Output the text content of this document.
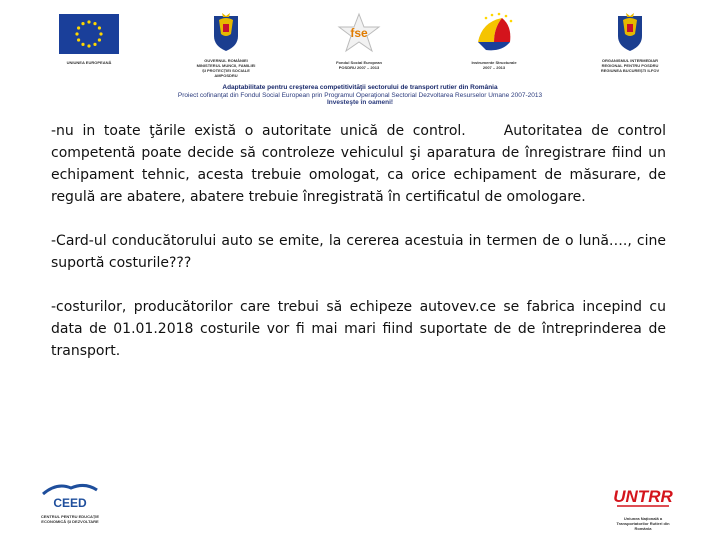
UNIUNEA EUROPEANĂ	GUVERNUL ROMÂNIEI
MINISTERUL MUNCII, FAMILIEI
ȘI PROTECȚIEI SOCIALE
AMPOSDRU
fse
Fondul Social European
POSDRU 2007 – 2013
Instrumente Structurale
2007 – 2013
ORGANISMUL INTERMEDIAR
REGIONAL PENTRU POSDRU
REGIUNEA BUCUREȘTI ILFOV
Adaptabilitate pentru creşterea competitivităţii sectorului de transport rutier din România
Proiect cofinanţat din Fondul Social European prin Programul Operaţional Sectorial Dezvoltarea Resurselor Umane 2007-2013
Investeşte în oameni!

-nu in toate ţările există o autoritate unică de control.	Autoritatea de control competentă poate decide să controleze vehiculul şi aparatura de înregistrare fiind un echipament tehnic, acesta trebuie omologat, ca orice echipament de măsurare, de regulă are abatere, abatere trebuie înregistrată în certificatul de omologare.

-Card-ul conducătorului auto se emite, la cererea acestuia in termen de o lună…., cine suportă costurile???

-costurilor, producătorilor care trebui să echipeze autovev.ce se fabrica incepind cu data de 01.01.2018 costurile vor fi mai mari fiind suportate de de întreprinderea de transport.

CEED
CENTRUL PENTRU EDUCAȚIE
ECONOMICĂ ȘI DEZVOLTARE
UNTRR
Uniunea Naţională a
Transportatorilor Rutieri din
România
